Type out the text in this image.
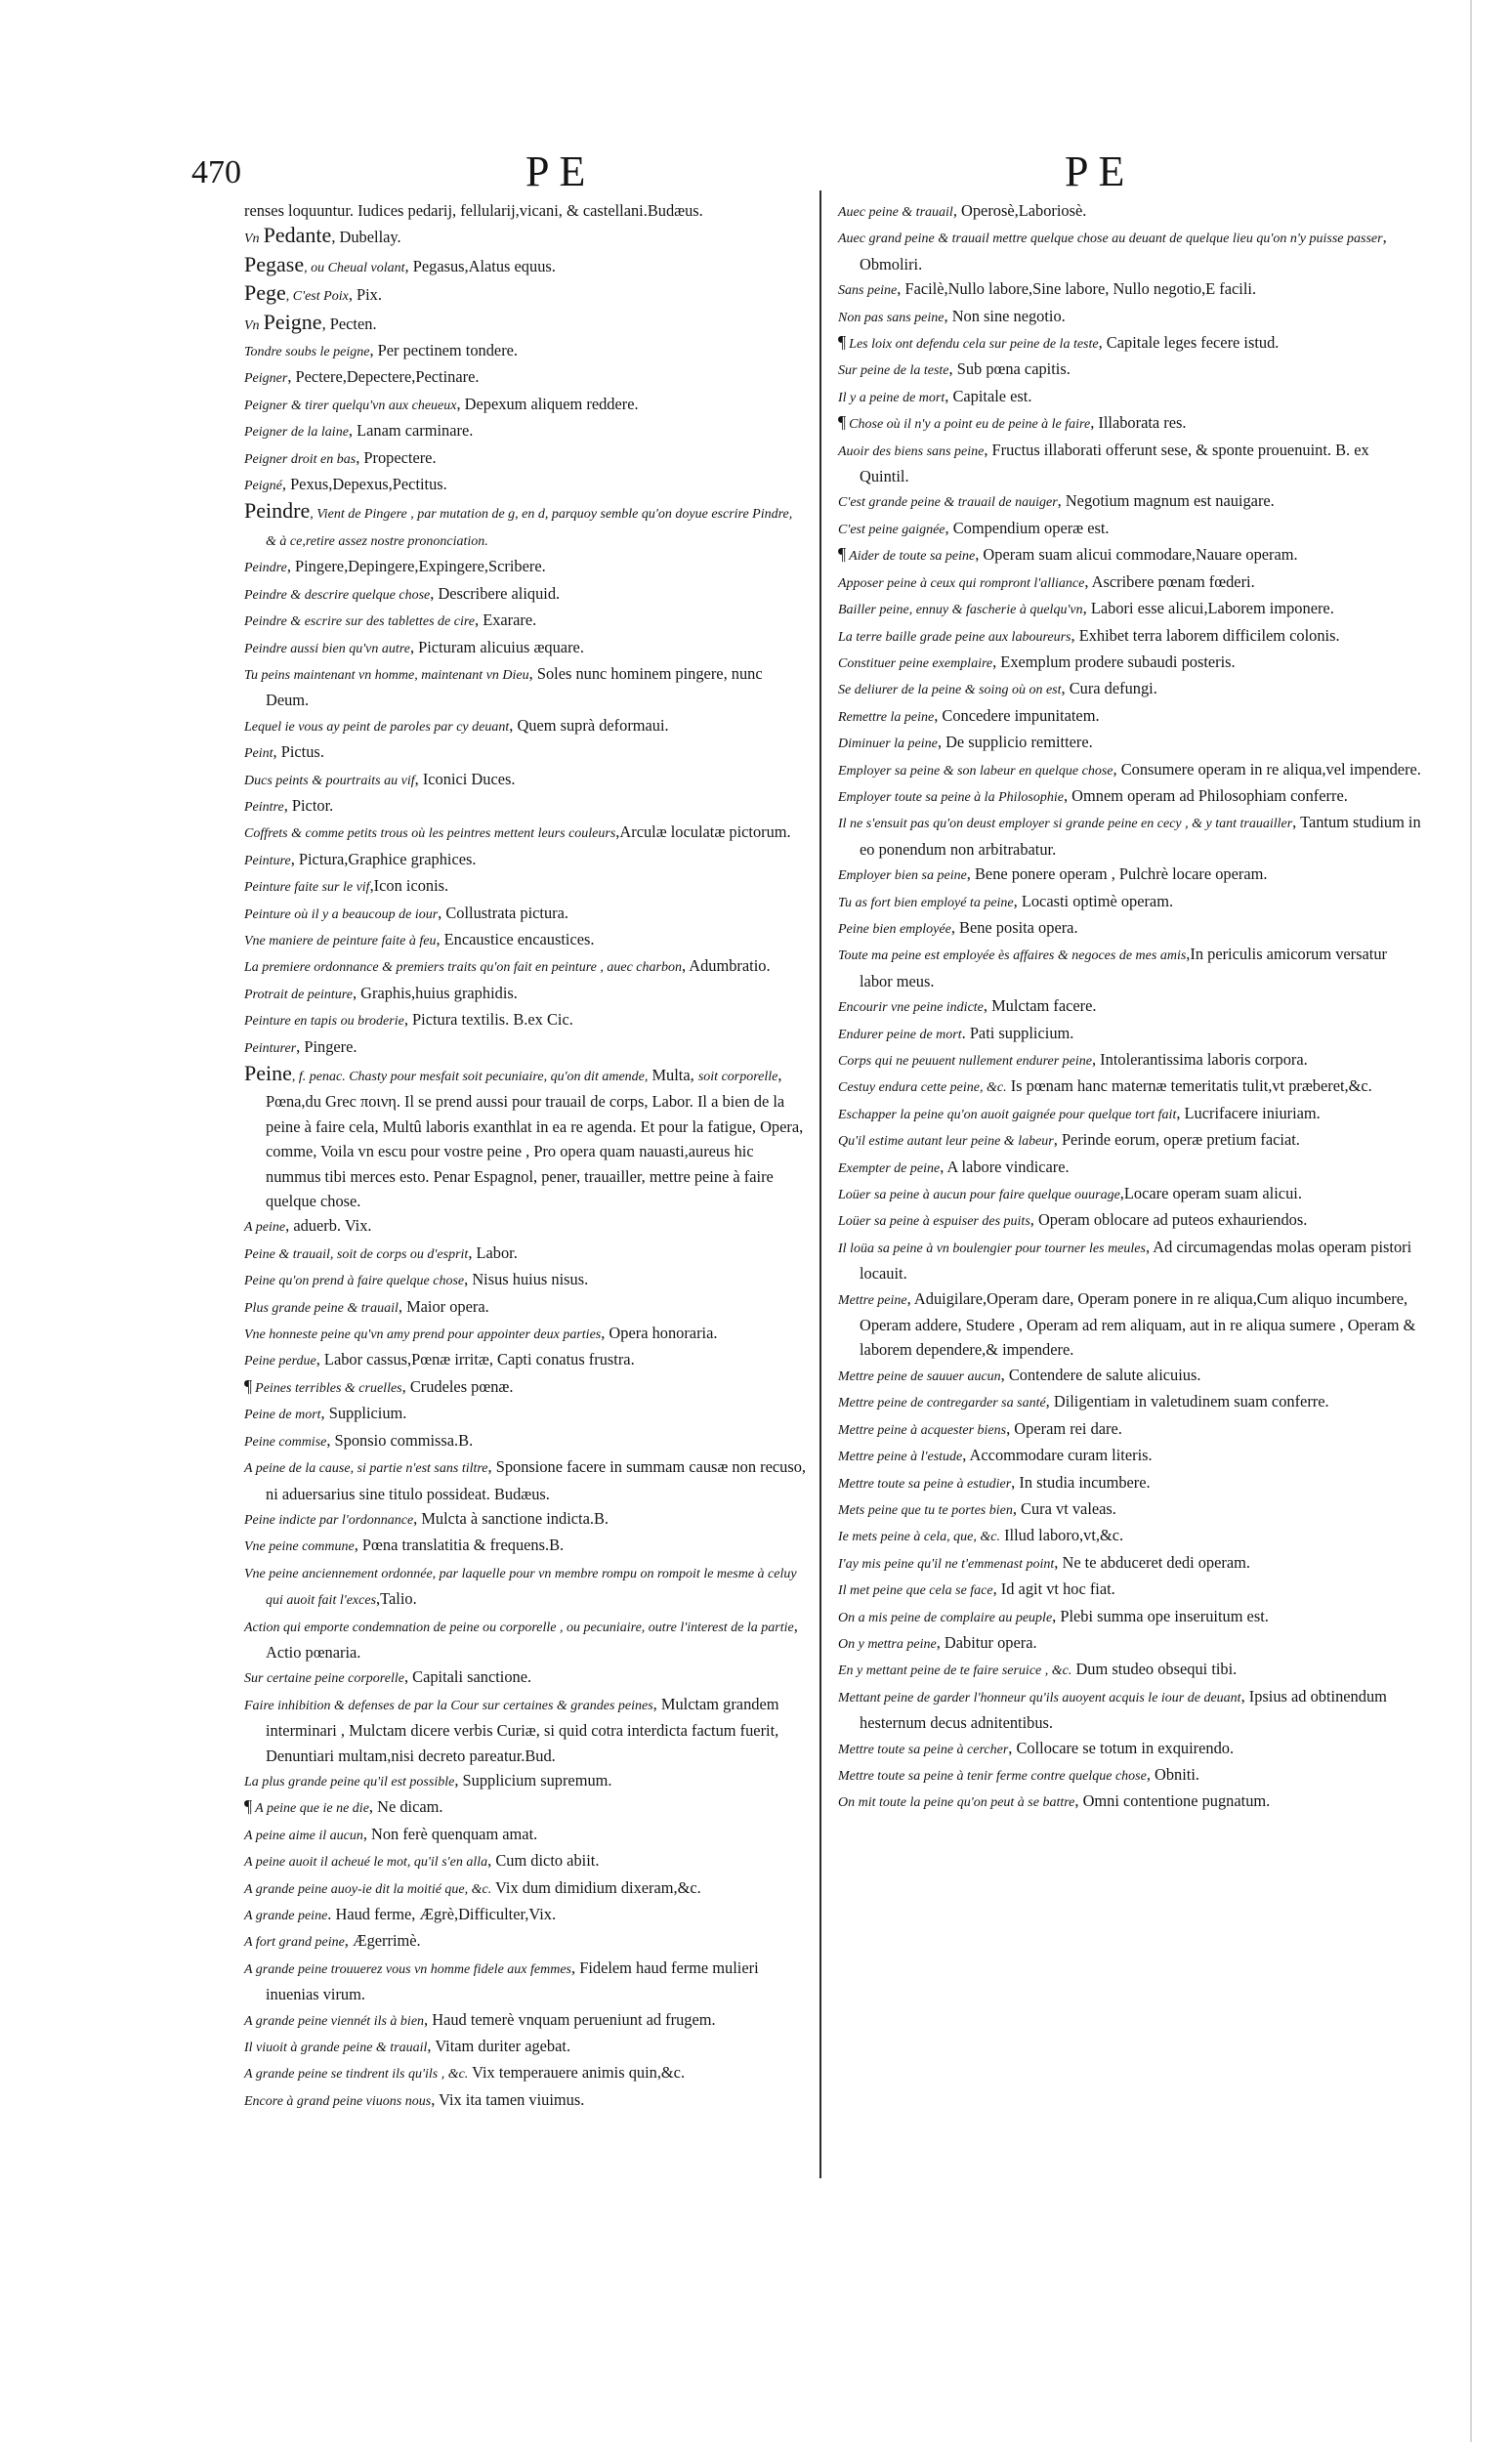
470	PE	PE
renses loquuntur. Iudices pedarij, fellularij,vicani, & castellani.Budæus.
Vn Pedante, Dubellay.
Pegase, ou Cheual volant, Pegasus,Alatus equus.
Pege, C'est Poix, Pix.
Vn Peigne, Pecten.
Tondre soubs le peigne, Per pectinem tondere.
Peigner, Pectere,Depectere,Pectinare.
Peigner & tirer quelqu'vn aux cheueux, Depexum aliquem reddere.
Peigner de la laine, Lanam carminare.
Peigner droit en bas, Propectere.
Peigné, Pexus,Depexus,Pectitus.
Peindre, Vient de Pingere , par mutation de g, en d, parquoy semble qu'on doyue escrire Pindre, & à ce,retire assez nostre prononciation.
Peindre, Pingere,Depingere,Expingere,Scribere.
Peindre & descrire quelque chose, Describere aliquid.
Peindre & escrire sur des tablettes de cire, Exarare.
Peindre aussi bien qu'vn autre, Picturam alicuius æquare.
Tu peins maintenant vn homme, maintenant vn Dieu, Soles nunc hominem pingere, nunc Deum.
Lequel ie vous ay peint de paroles par cy deuant, Quem suprà deformaui.
Peint, Pictus.
Ducs peints & pourtraits au vif, Iconici Duces.
Peintre, Pictor.
Coffrets & comme petits trous où les peintres mettent leurs couleurs,Arculæ loculatæ pictorum.
Peinture, Pictura,Graphice graphices.
Peinture faite sur le vif,Icon iconis.
Peinture où il y a beaucoup de iour, Collustrata pictura.
Vne maniere de peinture faite à feu, Encaustice encaustices.
La premiere ordonnance & premiers traits qu'on fait en peinture , auec charbon, Adumbratio.
Protrait de peinture, Graphis,huius graphidis.
Peinture en tapis ou broderie, Pictura textilis. B.ex Cic.
Peinturer, Pingere.
Peine, f. penac. Chasty pour mesfait soit pecuniaire, qu'on dit amende, Multa, soit corporelle, Pœna,du Grec ποινη. Il se prend aussi pour trauail de corps, Labor. Il a bien de la peine à faire cela, Multû laboris exanthlat in ea re agenda. Et pour la fatigue, Opera, comme, Voila vn escu pour vostre peine , Pro opera quam nauasti,aureus hic nummus tibi merces esto. Penar Espagnol, pener, trauailler, mettre peine à faire quelque chose.
A peine, aduerb. Vix.
Peine & trauail, soit de corps ou d'esprit, Labor.
Peine qu'on prend à faire quelque chose, Nisus huius nisus.
Plus grande peine & trauail, Maior opera.
Vne honneste peine qu'vn amy prend pour appointer deux parties, Opera honoraria.
Peine perdue, Labor cassus,Pœnæ irritæ, Capti conatus frustra.
¶ Peines terribles & cruelles, Crudeles pœnæ.
Peine de mort, Supplicium.
Peine commise, Sponsio commissa.B.
A peine de la cause, si partie n'est sans tiltre, Sponsione facere in summam causæ non recuso, ni aduersarius sine titulo possideat. Budæus.
Peine indicte par l'ordonnance, Mulcta à sanctione indicta.B.
Vne peine commune, Pœna translatitia & frequens.B.
Vne peine anciennement ordonnée, par laquelle pour vn membre rompu on rompoit le mesme à celuy qui auoit fait l'exces,Talio.
Action qui emporte condemnation de peine ou corporelle , ou pecuniaire, outre l'interest de la partie, Actio pœnaria.
Sur certaine peine corporelle, Capitali sanctione.
Faire inhibition & defenses de par la Cour sur certaines & grandes peines, Mulctam grandem interminari , Mulctam dicere verbis Curiæ, si quid cotra interdicta factum fuerit, Denuntiari multam,nisi decreto pareatur.Bud.
La plus grande peine qu'il est possible, Supplicium supremum.
¶ A peine que ie ne die, Ne dicam.
A peine aime il aucun, Non ferè quenquam amat.
A peine auoit il acheué le mot, qu'il s'en alla, Cum dicto abiit.
A grande peine auoy-ie dit la moitié que, &c. Vix dum dimidium dixeram,&c.
A grande peine. Haud ferme, Ægrè,Difficulter,Vix.
A fort grand peine, Ægerrimè.
A grande peine trouuerez vous vn homme fidele aux femmes, Fidelem haud ferme mulieri inuenias virum.
A grande peine viennét ils à bien, Haud temerè vnquam perueniunt ad frugem.
Il viuoit à grande peine & trauail, Vitam duriter agebat.
A grande peine se tindrent ils qu'ils , &c. Vix temperauere animis quin,&c.
Encore à grand peine viuons nous, Vix ita tamen viuimus.
Auec peine & trauail, Operosè,Laboriosè.
Auec grand peine & trauail mettre quelque chose au deuant de quelque lieu qu'on n'y puisse passer, Obmoliri.
Sans peine, Facilè,Nullo labore,Sine labore, Nullo negotio,E facili.
Non pas sans peine, Non sine negotio.
¶ Les loix ont defendu cela sur peine de la teste, Capitale leges fecere istud.
Sur peine de la teste, Sub pœna capitis.
Il y a peine de mort, Capitale est.
¶ Chose où il n'y a point eu de peine à le faire, Illaborata res.
Auoir des biens sans peine, Fructus illaborati offerunt sese, & sponte prouenuint. B. ex Quintil.
C'est grande peine & trauail de nauiger, Negotium magnum est nauigare.
C'est peine gaignée, Compendium operæ est.
¶ Aider de toute sa peine, Operam suam alicui commodare,Nauare operam.
Apposer peine à ceux qui rompront l'alliance, Ascribere pœnam fœderi.
Bailler peine, ennuy & fascherie à quelqu'vn, Labori esse alicui,Laborem imponere.
La terre baille grade peine aux laboureurs, Exhibet terra laborem difficilem colonis.
Constituer peine exemplaire, Exemplum prodere subaudi posteris.
Se deliurer de la peine & soing où on est, Cura defungi.
Remettre la peine, Concedere impunitatem.
Diminuer la peine, De supplicio remittere.
Employer sa peine & son labeur en quelque chose, Consumere operam in re aliqua,vel impendere.
Employer toute sa peine à la Philosophie, Omnem operam ad Philosophiam conferre.
Il ne s'ensuit pas qu'on deust employer si grande peine en cecy , & y tant trauailler, Tantum studium in eo ponendum non arbitrabatur.
Employer bien sa peine, Bene ponere operam , Pulchrè locare operam.
Tu as fort bien employé ta peine, Locasti optimè operam.
Peine bien employée, Bene posita opera.
Toute ma peine est employée ès affaires & negoces de mes amis,In periculis amicorum versatur labor meus.
Encourir vne peine indicte, Mulctam facere.
Endurer peine de mort. Pati supplicium.
Corps qui ne peuuent nullement endurer peine, Intolerantissima laboris corpora.
Cestuy endura cette peine, &c. Is pœnam hanc maternæ temeritatis tulit,vt præberet,&c.
Eschapper la peine qu'on auoit gaignée pour quelque tort fait, Lucrifacere iniuriam.
Qu'il estime autant leur peine & labeur, Perinde eorum, operæ pretium faciat.
Exempter de peine, A labore vindicare.
Loüer sa peine à aucun pour faire quelque ouurage,Locare operam suam alicui.
Loüer sa peine à espuiser des puits, Operam oblocare ad puteos exhauriendos.
Il loüa sa peine à vn boulengier pour tourner les meules, Ad circumagendas molas operam pistori locauit.
Mettre peine, Aduigilare,Operam dare, Operam ponere in re aliqua,Cum aliquo incumbere, Operam addere, Studere , Operam ad rem aliquam, aut in re aliqua sumere , Operam & laborem dependere,& impendere.
Mettre peine de sauuer aucun, Contendere de salute alicuius.
Mettre peine de contregarder sa santé, Diligentiam in valetudinem suam conferre.
Mettre peine à acquester biens, Operam rei dare.
Mettre peine à l'estude, Accommodare curam literis.
Mettre toute sa peine à estudier, In studia incumbere.
Mets peine que tu te portes bien, Cura vt valeas.
Ie mets peine à cela, que, &c. Illud laboro,vt,&c.
I'ay mis peine qu'il ne t'emmenast point, Ne te abduceret dedi operam.
Il met peine que cela se face, Id agit vt hoc fiat.
On a mis peine de complaire au peuple, Plebi summa ope inseruitum est.
On y mettra peine, Dabitur opera.
En y mettant peine de te faire seruice , &c. Dum studeo obsequi tibi.
Mettant peine de garder l'honneur qu'ils auoyent acquis le iour de deuant, Ipsius ad obtinendum hesternum decus adnitentibus.
Mettre toute sa peine à cercher, Collocare se totum in exquirendo.
Mettre toute sa peine à tenir ferme contre quelque chose, Obniti.
On mit toute la peine qu'on peut à se battre, Omni contentione pugnatum.
